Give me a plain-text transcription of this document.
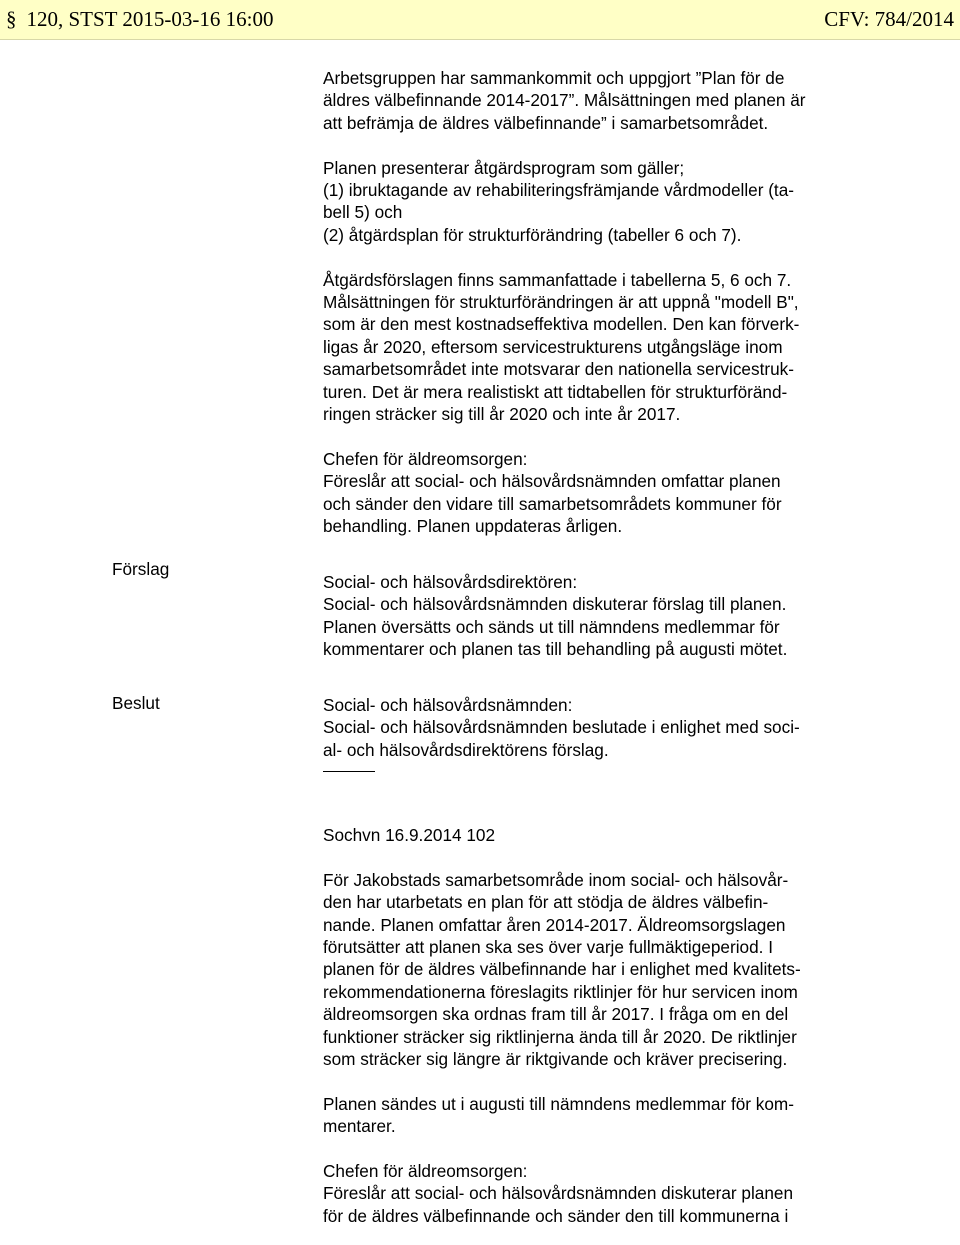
§ 120, STST 2015-03-16 16:00	CFV: 784/2014
Förslag
Beslut

Arbetsgruppen har sammankommit och uppgjort ”Plan för de
äldres välbefinnande 2014-2017”. Målsättningen med planen är
att befrämja de äldres välbefinnande” i samarbetsområdet.

Planen presenterar åtgärdsprogram som gäller;
(1) ibruktagande av rehabiliteringsfrämjande vårdmodeller (ta-
bell 5) och
(2) åtgärdsplan för strukturförändring (tabeller 6 och 7).

Åtgärdsförslagen finns sammanfattade i tabellerna 5, 6 och 7.
Målsättningen för strukturförändringen är att uppnå "modell B",
som är den mest kostnadseffektiva modellen. Den kan förverk-
ligas år 2020, eftersom servicestrukturens utgångsläge inom
samarbetsområdet inte motsvarar den nationella servicestruk-
turen. Det är mera realistiskt att tidtabellen för strukturföränd-
ringen sträcker sig till år 2020 och inte år 2017.

Chefen för äldreomsorgen:
Föreslår att social- och hälsovårdsnämnden omfattar planen
och sänder den vidare till samarbetsområdets kommuner för
behandling. Planen uppdateras årligen.

Social- och hälsovårdsdirektören:
Social- och hälsovårdsnämnden diskuterar förslag till planen.
Planen översätts och sänds ut till nämndens medlemmar för
kommentarer och planen tas till behandling på augusti mötet.

Social- och hälsovårdsnämnden:
Social- och hälsovårdsnämnden beslutade i enlighet med soci-
al- och hälsovårdsdirektörens förslag.

Sochvn 16.9.2014 102

För Jakobstads samarbetsområde inom social- och hälsovår-
den har utarbetats en plan för att stödja de äldres välbefin-
nande. Planen omfattar åren 2014-2017. Äldreomsorgslagen
förutsätter att planen ska ses över varje fullmäktigeperiod. I
planen för de äldres välbefinnande har i enlighet med kvalitets-
rekommendationerna föreslagits riktlinjer för hur servicen inom
äldreomsorgen ska ordnas fram till år 2017. I fråga om en del
funktioner sträcker sig riktlinjerna ända till år 2020. De riktlinjer
som sträcker sig längre är riktgivande och kräver precisering.

Planen sändes ut i augusti till nämndens medlemmar för kom-
mentarer.

Chefen för äldreomsorgen:
Föreslår att social- och hälsovårdsnämnden diskuterar planen
för de äldres välbefinnande och sänder den till kommunerna i
